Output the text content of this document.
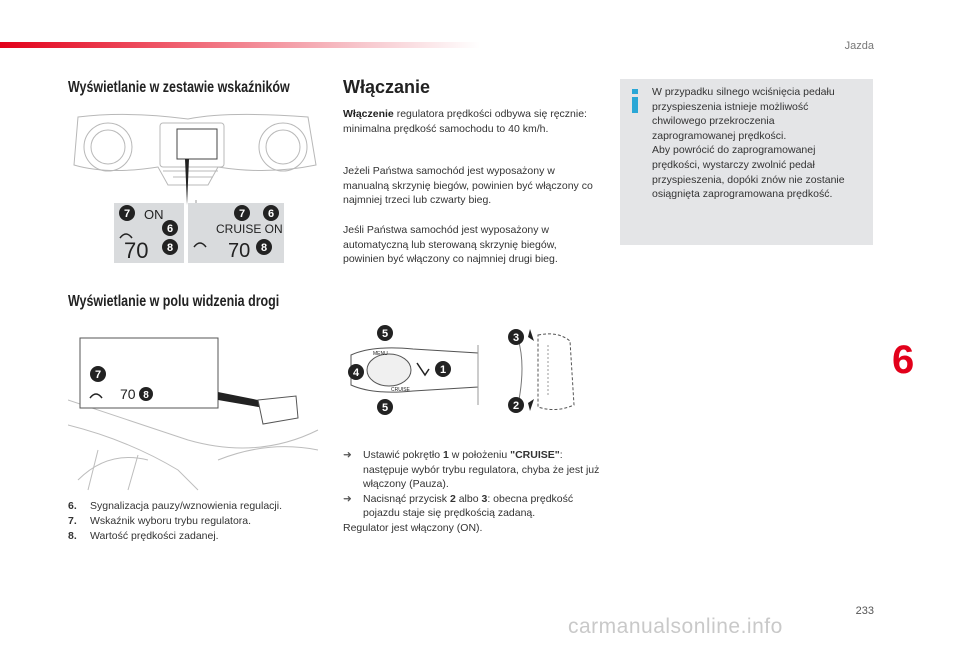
Jazda
Wyświetlanie w zestawie wskaźników
7
6
8
ON
70
7 6
8
CRUISE ON
70
Wyświetlanie w polu widzenia drogi
7
70 8
6.	Sygnalizacja pauzy/wznowienia regulacji.
7.	Wskaźnik wyboru trybu regulatora.
8.	Wartość prędkości zadanej.
Włączanie

Włączenie regulatora prędkości odbywa się ręcznie: minimalna prędkość samochodu to 40 km/h.

Jeżeli Państwa samochód jest wyposażony w manualną skrzynię biegów, powinien być włączony co najmniej trzeci lub czwarty bieg.

Jeśli Państwa samochód jest wyposażony w automatyczną lub sterowaną skrzynię biegów, powinien być włączony co najmniej drugi bieg.

CRUISE
MENU
5
4
5
1
3
2
➜	Ustawić pokrętło 1 w położeniu "CRUISE": następuje wybór trybu regulatora, chyba że jest już włączony (Pauza).
➜	Nacisnąć przycisk 2 albo 3: obecna prędkość pojazdu staje się prędkością zadaną.
Regulator jest włączony (ON).

W przypadku silnego wciśnięcia pedału przyspieszenia istnieje możliwość chwilowego przekroczenia zaprogramowanej prędkości.
Aby powrócić do zaprogramowanej prędkości, wystarczy zwolnić pedał przyspieszenia, dopóki znów nie zostanie osiągnięta zaprogramowana prędkość.

6
233
carmanualsonline.info
